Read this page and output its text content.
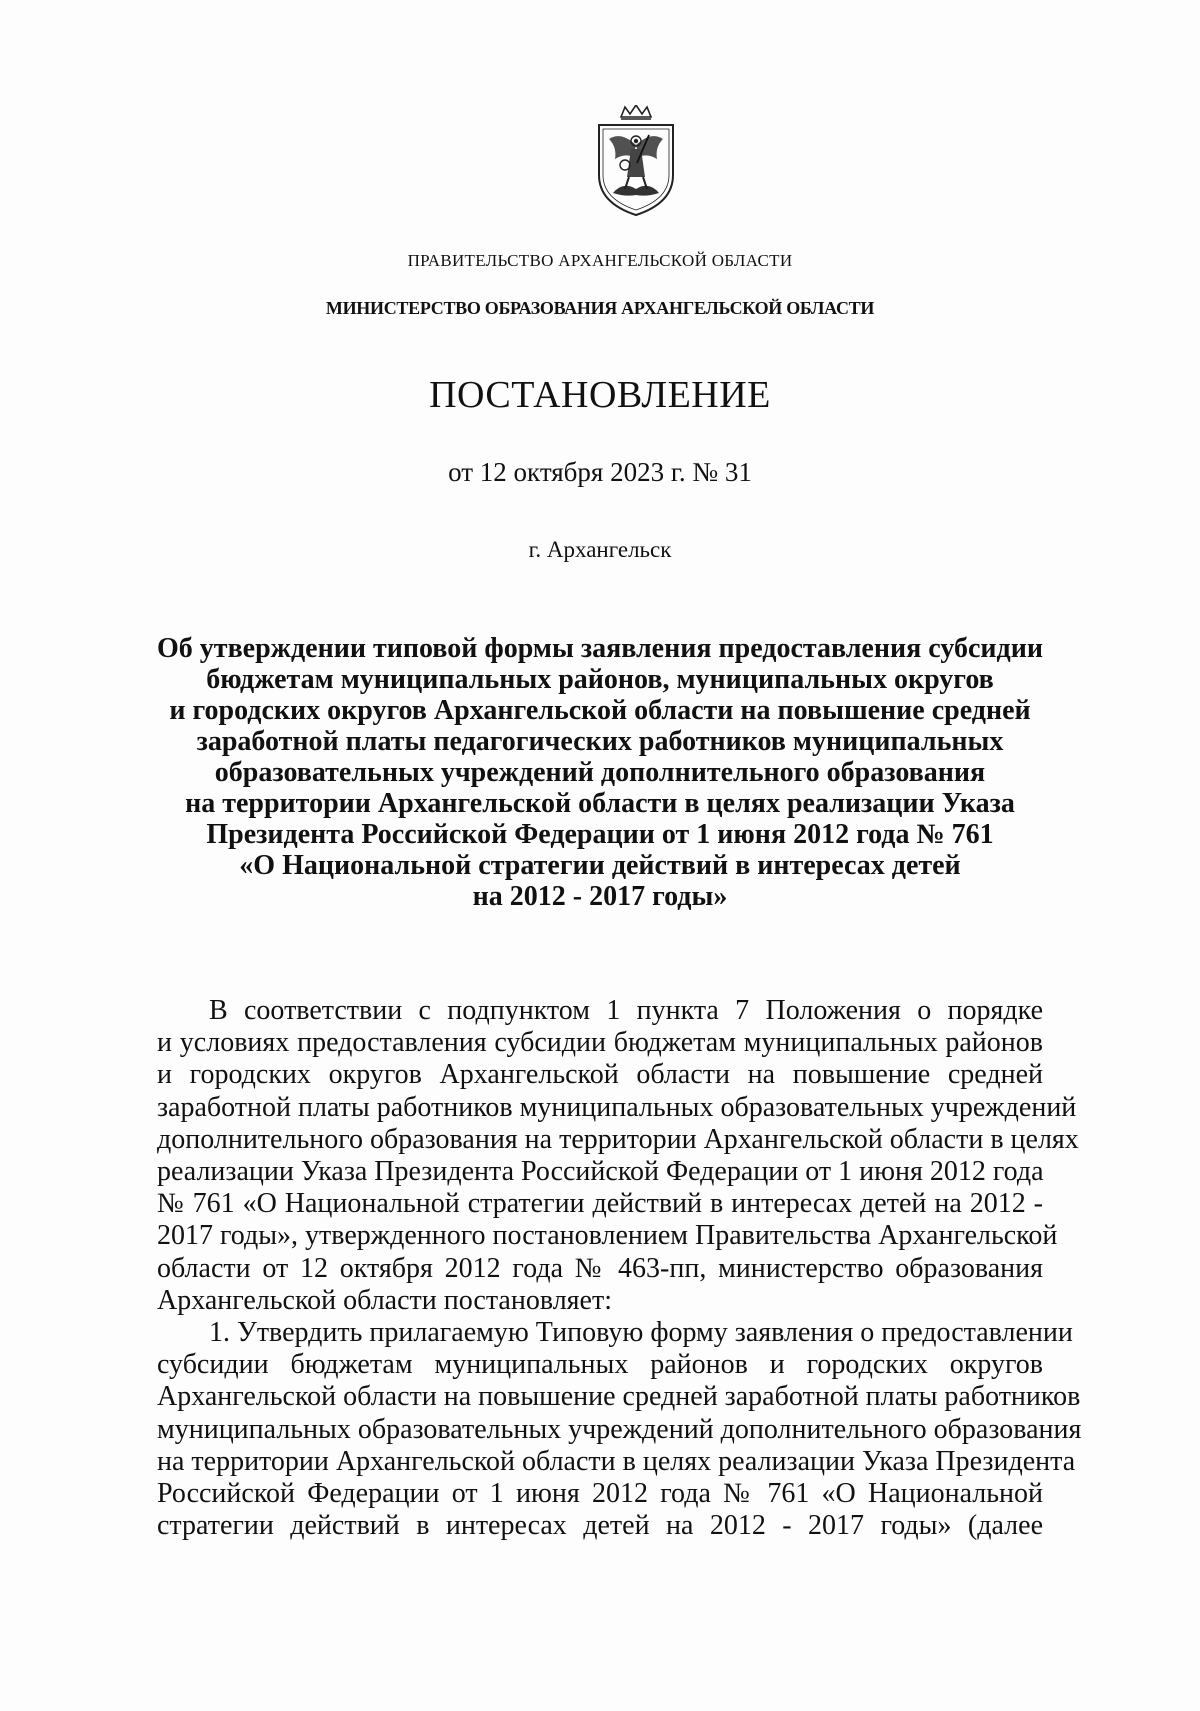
ПРАВИТЕЛЬСТВО АРХАНГЕЛЬСКОЙ ОБЛАСТИ
МИНИСТЕРСТВО ОБРАЗОВАНИЯ АРХАНГЕЛЬСКОЙ ОБЛАСТИ
ПОСТАНОВЛЕНИЕ
от 12 октября 2023 г. № 31
г. Архангельск
Об утверждении типовой формы заявления предоставления субсидии
бюджетам муниципальных районов, муниципальных округов
и городских округов Архангельской области на повышение средней
заработной платы педагогических работников муниципальных
образовательных учреждений дополнительного образования
на территории Архангельской области в целях реализации Указа
Президента Российской Федерации от 1 июня 2012 года № 761
«О Национальной стратегии действий в интересах детей
на 2012 - 2017 годы»
В соответствии с подпунктом 1 пункта 7 Положения о порядке
и условиях предоставления субсидии бюджетам муниципальных районов
и городских округов Архангельской области на повышение средней
заработной платы работников муниципальных образовательных учреждений
дополнительного образования на территории Архангельской области в целях
реализации Указа Президента Российской Федерации от 1 июня 2012 года
№ 761 «О Национальной стратегии действий в интересах детей на 2012 -
2017 годы», утвержденного постановлением Правительства Архангельской
области от 12 октября 2012 года № 463-пп, министерство образования
Архангельской области постановляет:
1. Утвердить прилагаемую Типовую форму заявления о предоставлении
субсидии бюджетам муниципальных районов и городских округов
Архангельской области на повышение средней заработной платы работников
муниципальных образовательных учреждений дополнительного образования
на территории Архангельской области в целях реализации Указа Президента
Российской Федерации от 1 июня 2012 года № 761 «О Национальной
стратегии действий в интересах детей на 2012 - 2017 годы» (далее
